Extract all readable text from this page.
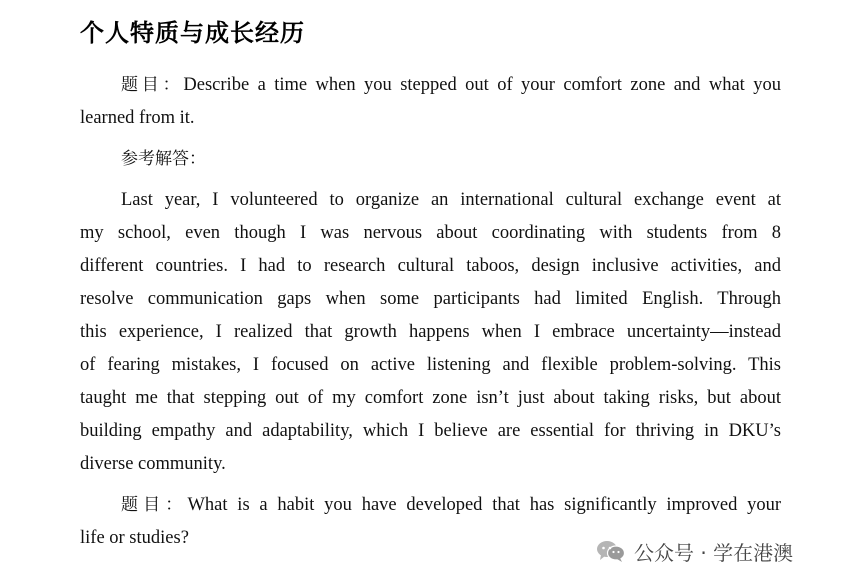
个人特质与成长经历
题目：Describe a time when you stepped out of your comfort zone and what you
learned from it.
参考解答：
Last year, I volunteered to organize an international cultural exchange event at
my school, even though I was nervous about coordinating with students from 8
different countries. I had to research cultural taboos, design inclusive activities, and
resolve communication gaps when some participants had limited English. Through
this experience, I realized that growth happens when I embrace uncertainty—instead
of fearing mistakes, I focused on active listening and flexible problem-solving. This
taught me that stepping out of my comfort zone isn’t just about taking risks, but about
building empathy and adaptability, which I believe are essential for thriving in DKU’s
diverse community.
题目：What is a habit you have developed that has significantly improved your
life or studies?
公众号 · 学在港澳
